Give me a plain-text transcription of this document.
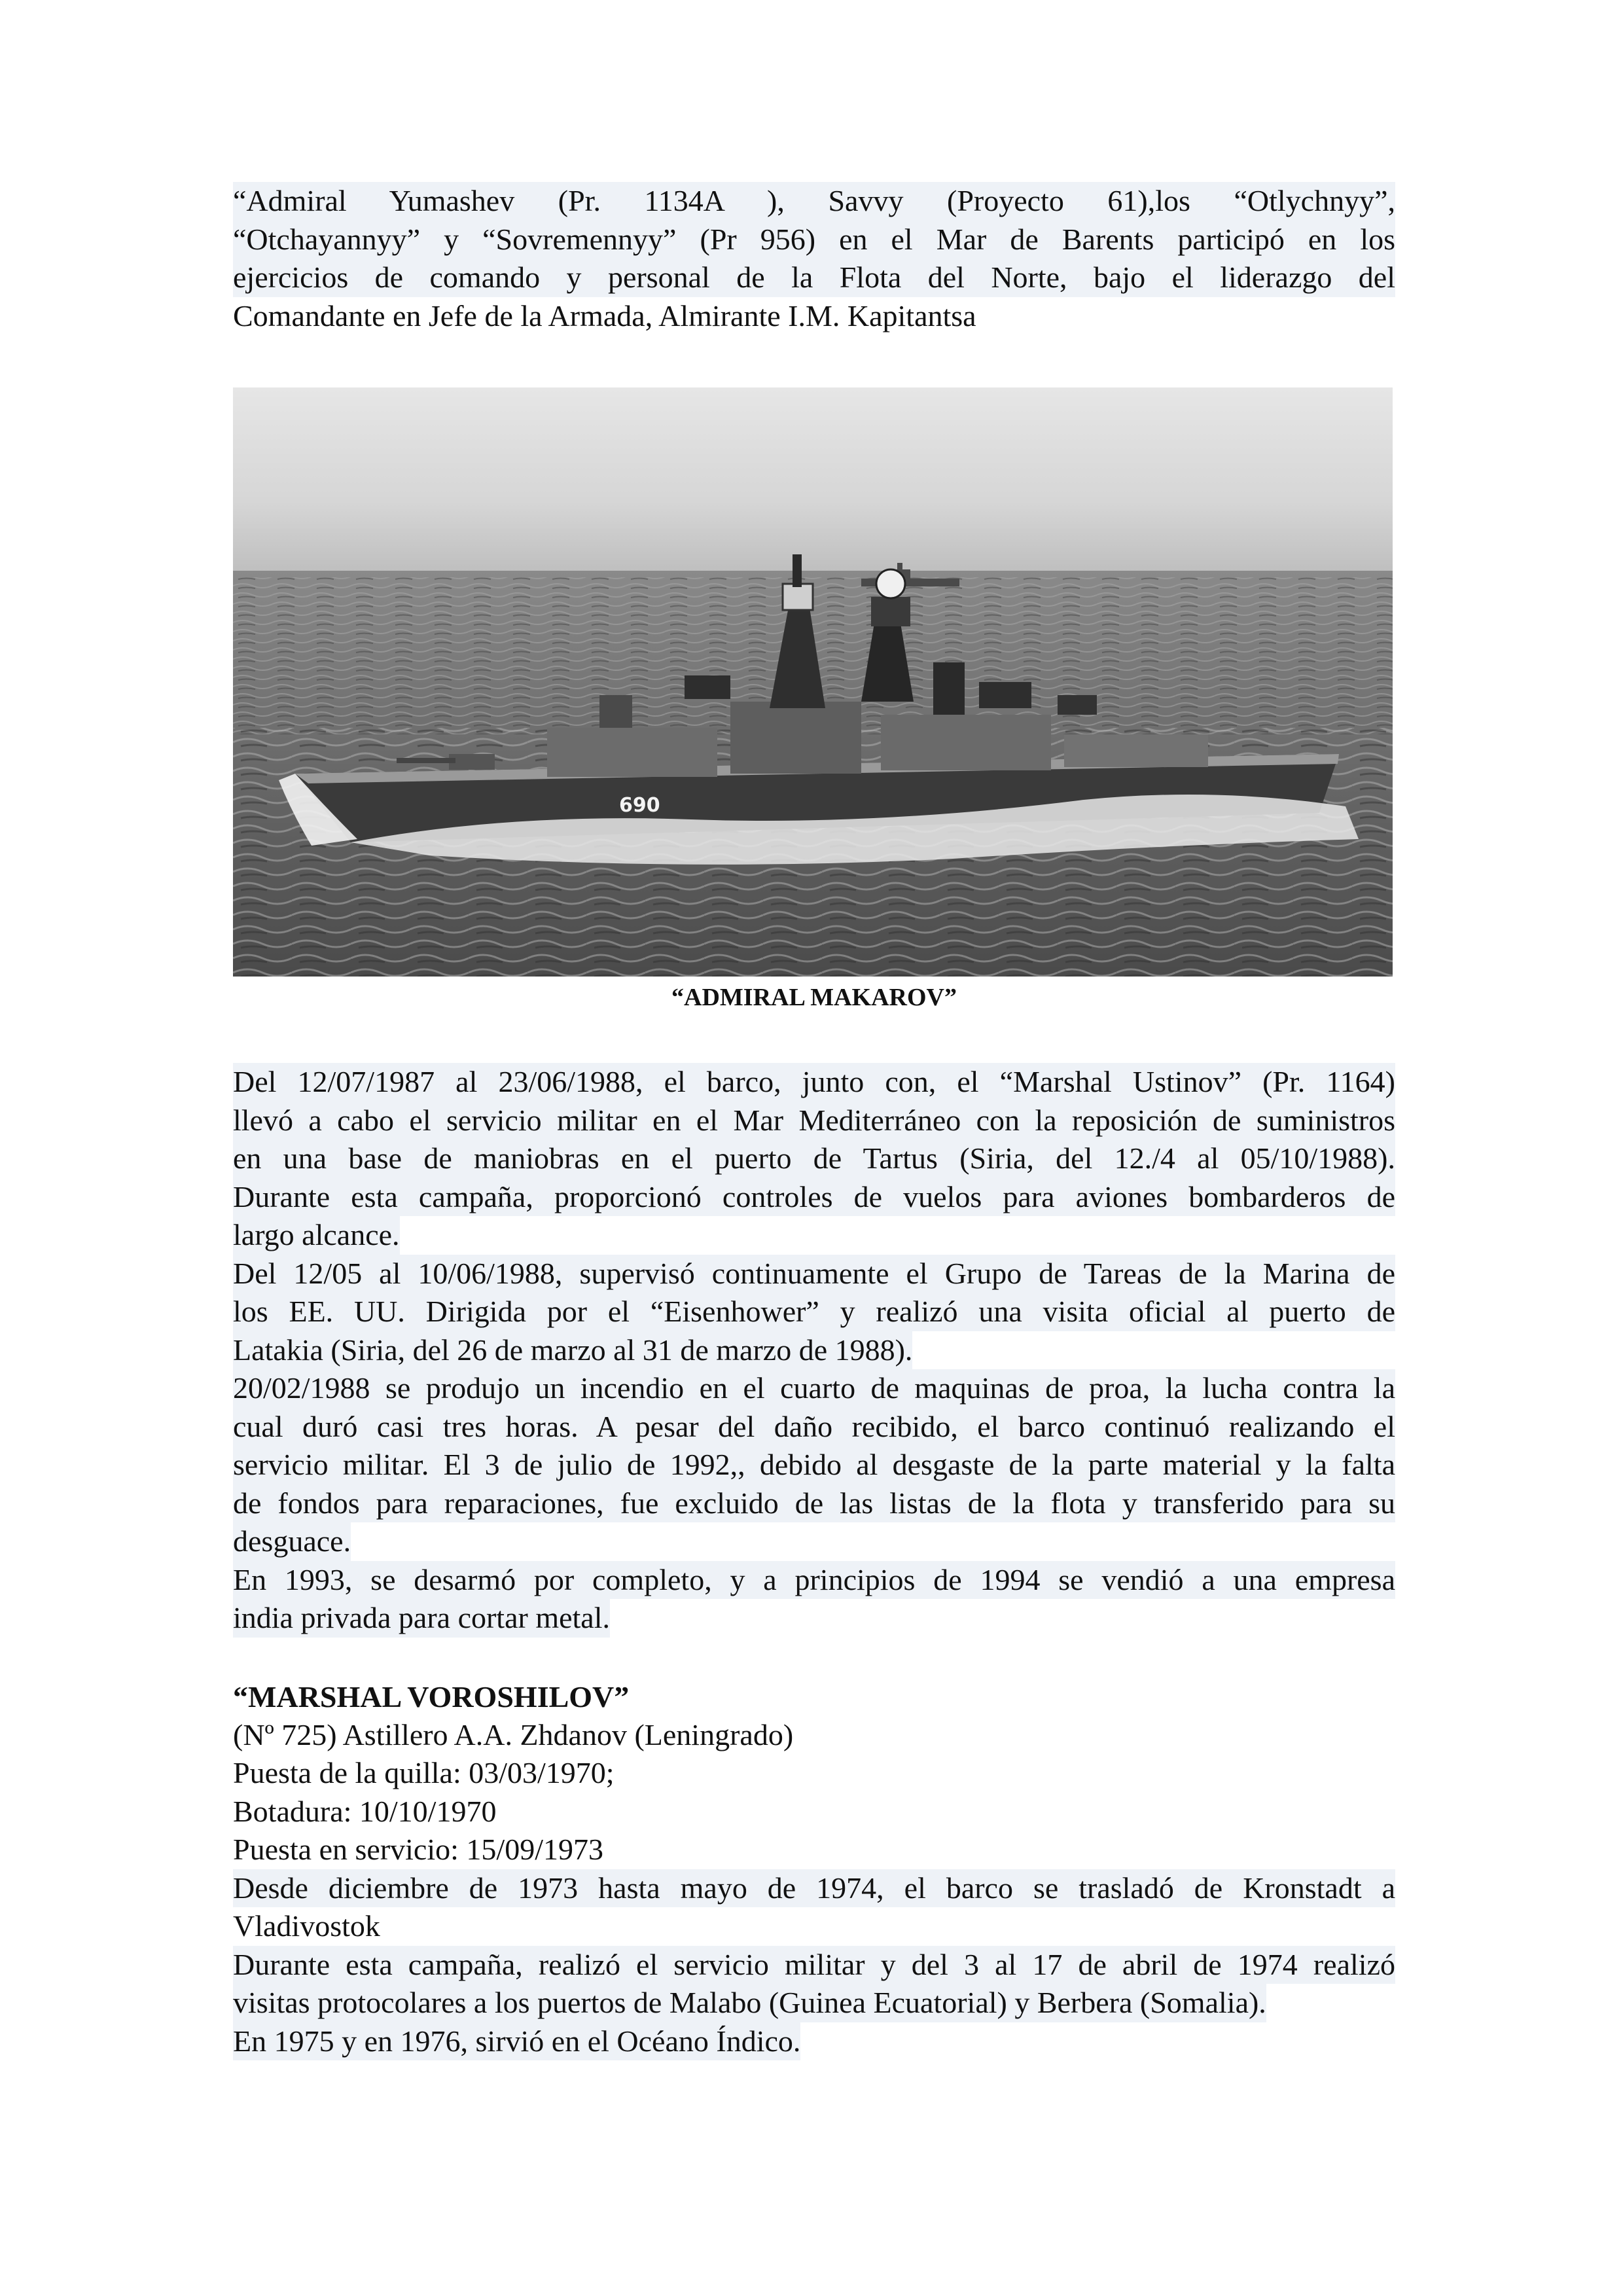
“Admiral Yumashev (Pr. 1134A ), Savvy (Proyecto 61),los “Otlychnyy”,
“Otchayannyy” y “Sovremennyy” (Pr 956) en el Mar de Barents participó en los
ejercicios de comando y personal de la Flota del Norte, bajo el liderazgo del
Comandante en Jefe de la Armada, Almirante I.M. Kapitantsa
690
“ADMIRAL MAKAROV”
Del 12/07/1987 al 23/06/1988, el barco, junto con, el “Marshal Ustinov” (Pr. 1164)
llevó a cabo el servicio militar en el Mar Mediterráneo con la reposición de suministros
en una base de maniobras en el puerto de Tartus (Siria, del 12./4 al 05/10/1988).
Durante esta campaña, proporcionó controles de vuelos para aviones bombarderos de
largo alcance.
Del 12/05 al 10/06/1988, supervisó continuamente el Grupo de Tareas de la Marina de
los EE. UU. Dirigida por el “Eisenhower” y realizó una visita oficial al puerto de
Latakia (Siria, del 26 de marzo al 31 de marzo de 1988).
20/02/1988 se produjo un incendio en el cuarto de maquinas de proa, la lucha contra la
cual duró casi tres horas. A pesar del daño recibido, el barco continuó realizando el
servicio militar. El 3 de julio de 1992,, debido al desgaste de la parte material y la falta
de fondos para reparaciones, fue excluido de las listas de la flota y transferido para su
desguace.
En 1993, se desarmó por completo, y a principios de 1994 se vendió a una empresa
india privada para cortar metal.

“MARSHAL VOROSHILOV”

(Nº 725) Astillero A.A. Zhdanov (Leningrado)
Puesta de la quilla: 03/03/1970;
Botadura: 10/10/1970
Puesta en servicio: 15/09/1973
Desde diciembre de 1973 hasta mayo de 1974, el barco se trasladó de Kronstadt a
Vladivostok
Durante esta campaña, realizó el servicio militar y del 3 al 17 de abril de 1974 realizó
visitas protocolares a los puertos de Malabo (Guinea Ecuatorial) y Berbera (Somalia).
En 1975 y en 1976, sirvió en el Océano Índico.
